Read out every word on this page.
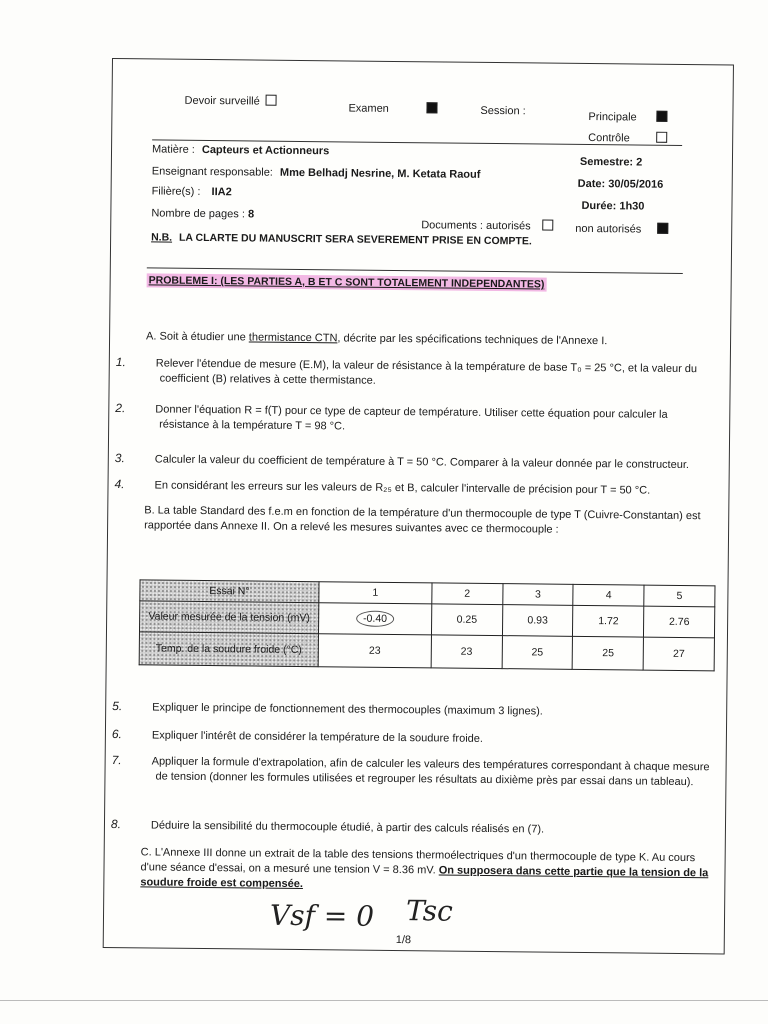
Devoir surveillé
Examen	Session :	Principale
Contrôle
Matière : Capteurs et Actionneurs
Enseignant responsable: Mme Belhadj Nesrine, M. Ketata Raouf
Filière(s) : IIA2
Nombre de pages : 8
Documents : autorisés	non autorisés
Semestre: 2
Date: 30/05/2016
Durée: 1h30
N.B. LA CLARTE DU MANUSCRIT SERA SEVEREMENT PRISE EN COMPTE.
PROBLEME I: (LES PARTIES A, B ET C SONT TOTALEMENT INDEPENDANTES)
A. Soit à étudier une thermistance CTN, décrite par les spécifications techniques de l'Annexe I.
1.	Relever l'étendue de mesure (E.M), la valeur de résistance à la température de base T₀ = 25 °C, et la valeur du coefficient (B) relatives à cette thermistance.
2.	Donner l'équation R = f(T) pour ce type de capteur de température. Utiliser cette équation pour calculer la résistance à la température T = 98 °C.
3.	Calculer la valeur du coefficient de température à T = 50 °C. Comparer à la valeur donnée par le constructeur.
4.	En considérant les erreurs sur les valeurs de R₂₅ et B, calculer l'intervalle de précision pour T = 50 °C.
B. La table Standard des f.e.m en fonction de la température d'un thermocouple de type T (Cuivre-Constantan) est rapportée dans Annexe II. On a relevé les mesures suivantes avec ce thermocouple :
Essai N°	1	2	3	4	5
Valeur mesurée de la tension (mV)	-0.40	0.25	0.93	1.72	2.76
Temp. de la soudure froide (°C)	23	23	25	25	27
5.	Expliquer le principe de fonctionnement des thermocouples (maximum 3 lignes).
6.	Expliquer l'intérêt de considérer la température de la soudure froide.
7.	Appliquer la formule d'extrapolation, afin de calculer les valeurs des températures correspondant à chaque mesure de tension (donner les formules utilisées et regrouper les résultats au dixième près par essai dans un tableau).
8.	Déduire la sensibilité du thermocouple étudié, à partir des calculs réalisés en (7).
C. L'Annexe III donne un extrait de la table des tensions thermoélectriques d'un thermocouple de type K. Au cours d'une séance d'essai, on a mesuré une tension V = 8.36 mV. On supposera dans cette partie que la tension de la soudure froide est compensée.
Vsf = 0 Tsc
1/8
